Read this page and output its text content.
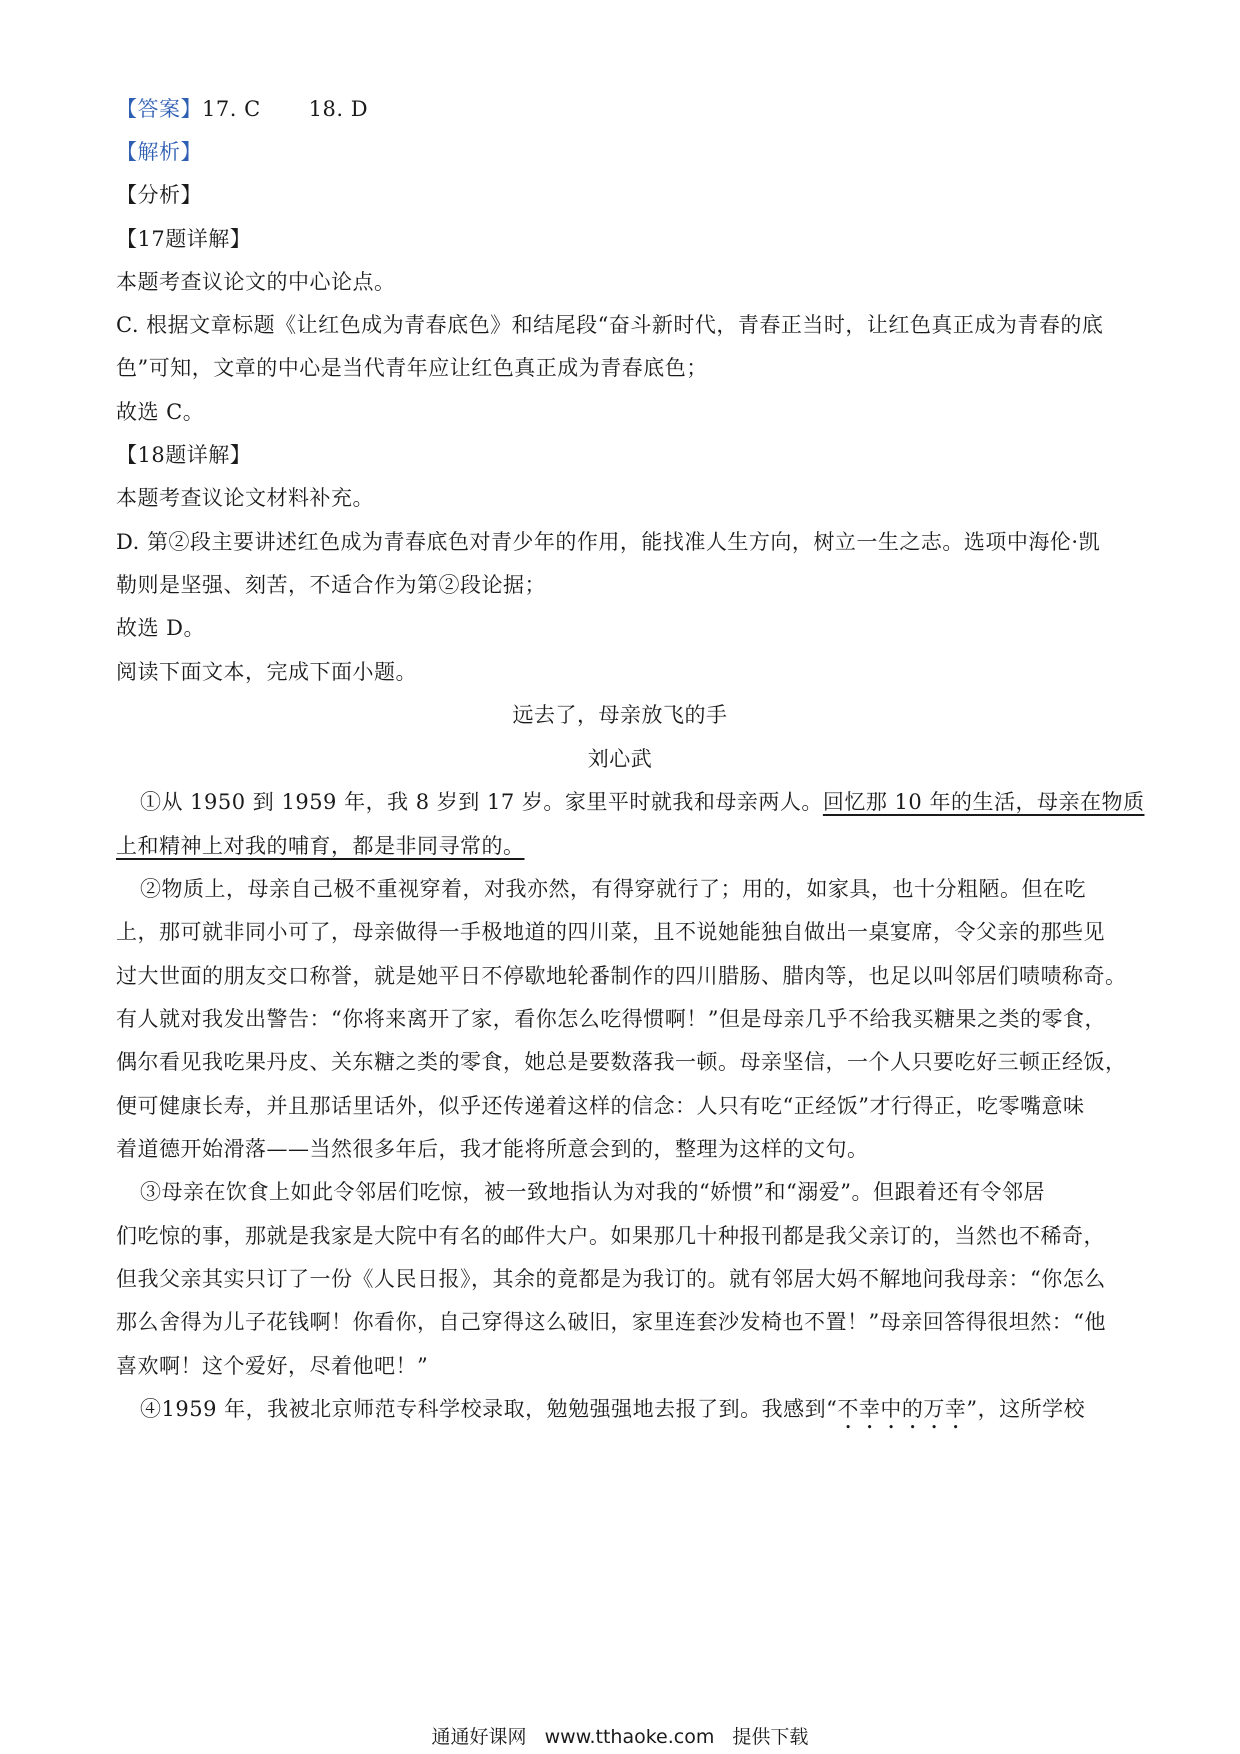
【答案】17. C 18. D
【解析】
【分析】
【17题详解】
本题考查议论文的中心论点。
C. 根据文章标题《让红色成为青春底色》和结尾段“奋斗新时代，青春正当时，让红色真正成为青春的底
色”可知，文章的中心是当代青年应让红色真正成为青春底色；
故选 C。
【18题详解】
本题考查议论文材料补充。
D. 第②段主要讲述红色成为青春底色对青少年的作用，能找准人生方向，树立一生之志。选项中海伦·凯
勒则是坚强、刻苦，不适合作为第②段论据；
故选 D。
阅读下面文本，完成下面小题。
远去了，母亲放飞的手
刘心武
①从 1950 到 1959 年，我 8 岁到 17 岁。家里平时就我和母亲两人。回忆那 10 年的生活，母亲在物质
上和精神上对我的哺育，都是非同寻常的。
②物质上，母亲自己极不重视穿着，对我亦然，有得穿就行了；用的，如家具，也十分粗陋。但在吃
上，那可就非同小可了，母亲做得一手极地道的四川菜，且不说她能独自做出一桌宴席，令父亲的那些见
过大世面的朋友交口称誉，就是她平日不停歇地轮番制作的四川腊肠、腊肉等，也足以叫邻居们啧啧称奇。
有人就对我发出警告：“你将来离开了家，看你怎么吃得惯啊！”但是母亲几乎不给我买糖果之类的零食，
偶尔看见我吃果丹皮、关东糖之类的零食，她总是要数落我一顿。母亲坚信，一个人只要吃好三顿正经饭，
便可健康长寿，并且那话里话外，似乎还传递着这样的信念：人只有吃“正经饭”才行得正，吃零嘴意味
着道德开始滑落——当然很多年后，我才能将所意会到的，整理为这样的文句。
③母亲在饮食上如此令邻居们吃惊，被一致地指认为对我的“娇惯”和“溺爱”。但跟着还有令邻居
们吃惊的事，那就是我家是大院中有名的邮件大户。如果那几十种报刊都是我父亲订的，当然也不稀奇，
但我父亲其实只订了一份《人民日报》，其余的竟都是为我订的。就有邻居大妈不解地问我母亲：“你怎么
那么舍得为儿子花钱啊！你看你，自己穿得这么破旧，家里连套沙发椅也不置！”母亲回答得很坦然：“他
喜欢啊！这个爱好，尽着他吧！”
④1959 年，我被北京师范专科学校录取，勉勉强强地去报了到。我感到“不幸中的万幸”，这所学校
通通好课网 www.tthaoke.com 提供下载
